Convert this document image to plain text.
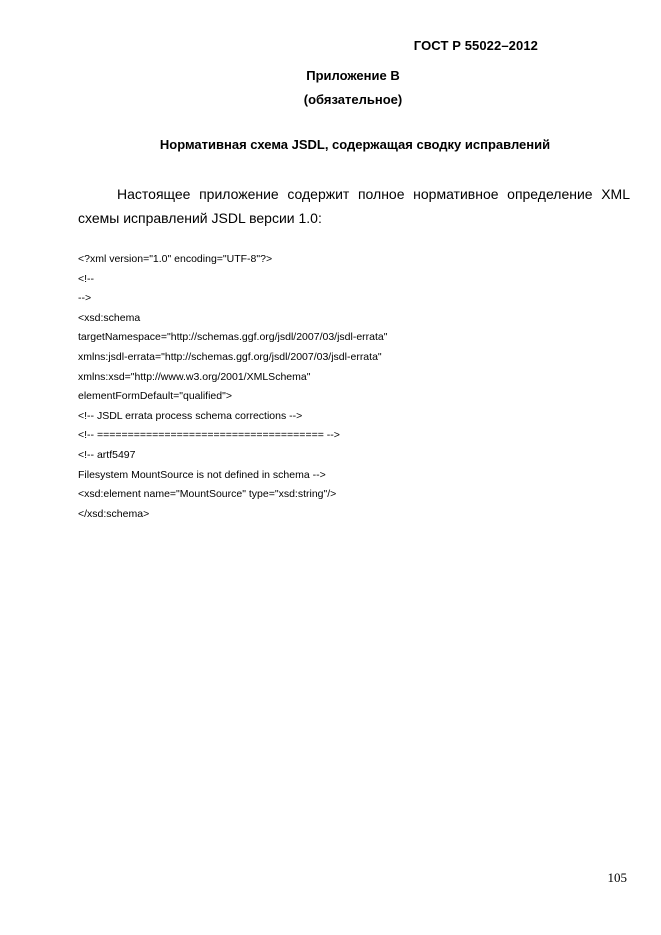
ГОСТ Р 55022–2012
Приложение В
(обязательное)
Нормативная схема JSDL, содержащая сводку исправлений

Настоящее приложение содержит полное нормативное определение XML схемы исправлений JSDL версии 1.0:

<?xml version="1.0" encoding="UTF-8"?>
<!--
-->
<xsd:schema
targetNamespace="http://schemas.ggf.org/jsdl/2007/03/jsdl-errata"
xmlns:jsdl-errata="http://schemas.ggf.org/jsdl/2007/03/jsdl-errata"
xmlns:xsd="http://www.w3.org/2001/XMLSchema"
elementFormDefault="qualified">
<!-- JSDL errata process schema corrections -->
<!-- ===================================== -->
<!-- artf5497
Filesystem MountSource is not defined in schema -->
<xsd:element name="MountSource" type="xsd:string"/>
</xsd:schema>
105
